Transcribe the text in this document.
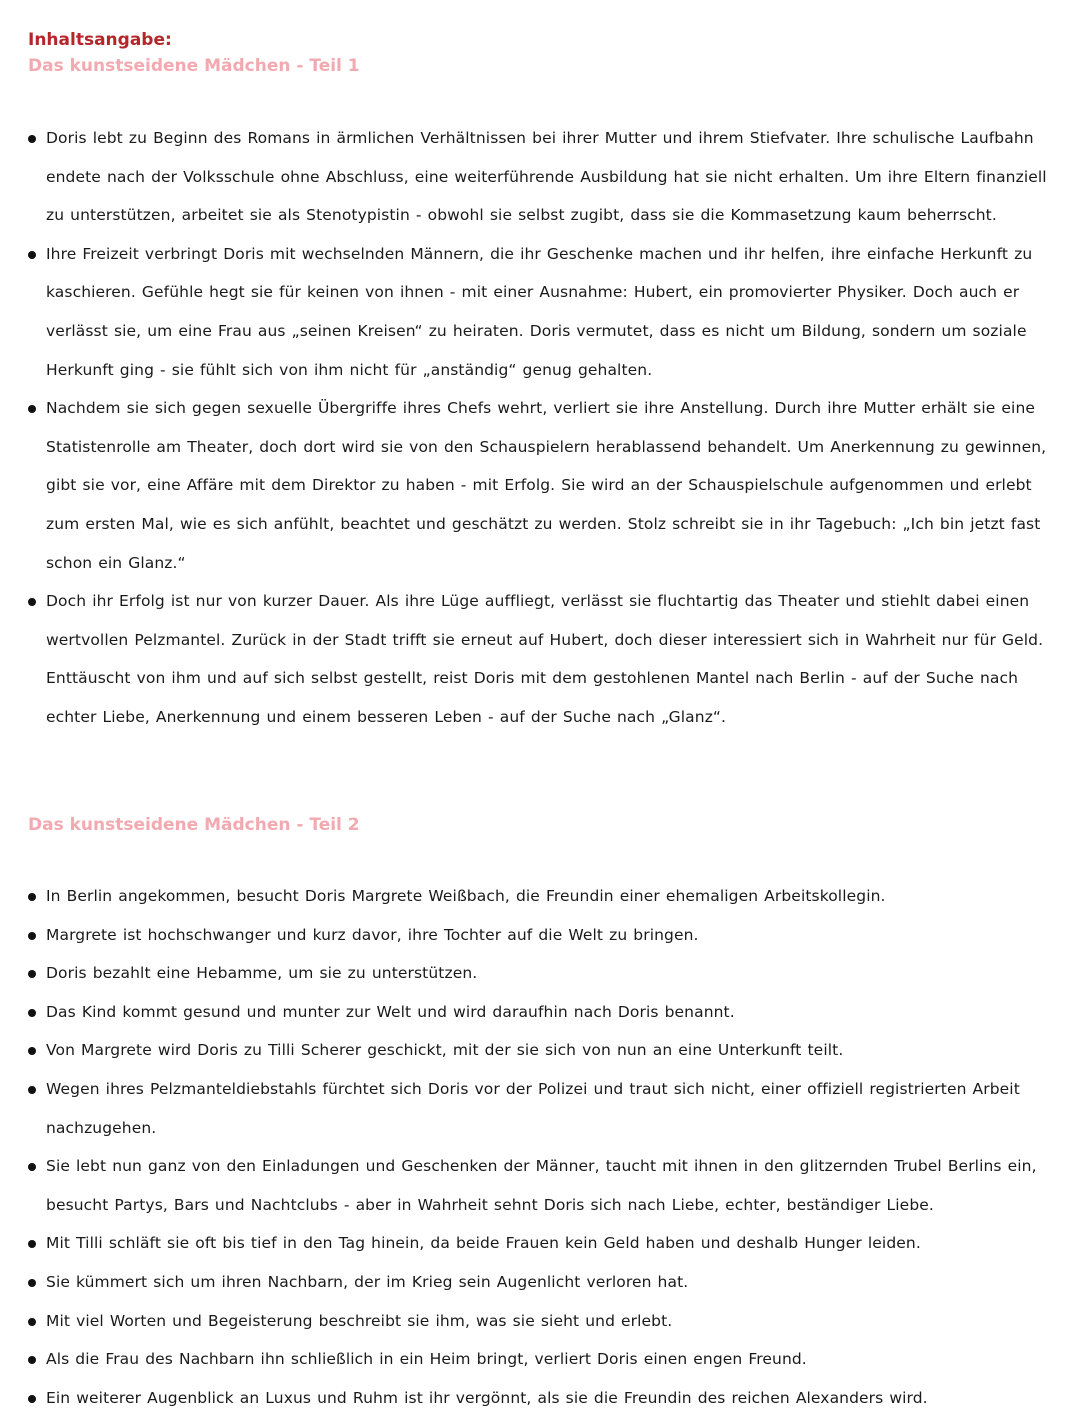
Inhaltsangabe:
Das kunstseidene Mädchen - Teil 1
Doris lebt zu Beginn des Romans in ärmlichen Verhältnissen bei ihrer Mutter und ihrem Stiefvater. Ihre schulische Laufbahn endete nach der Volksschule ohne Abschluss, eine weiterführende Ausbildung hat sie nicht erhalten. Um ihre Eltern finanziell zu unterstützen, arbeitet sie als Stenotypistin - obwohl sie selbst zugibt, dass sie die Kommasetzung kaum beherrscht.
Ihre Freizeit verbringt Doris mit wechselnden Männern, die ihr Geschenke machen und ihr helfen, ihre einfache Herkunft zu kaschieren. Gefühle hegt sie für keinen von ihnen - mit einer Ausnahme: Hubert, ein promovierter Physiker. Doch auch er verlässt sie, um eine Frau aus „seinen Kreisen“ zu heiraten. Doris vermutet, dass es nicht um Bildung, sondern um soziale Herkunft ging - sie fühlt sich von ihm nicht für „anständig“ genug gehalten.
Nachdem sie sich gegen sexuelle Übergriffe ihres Chefs wehrt, verliert sie ihre Anstellung. Durch ihre Mutter erhält sie eine Statistenrolle am Theater, doch dort wird sie von den Schauspielern herablassend behandelt. Um Anerkennung zu gewinnen, gibt sie vor, eine Affäre mit dem Direktor zu haben - mit Erfolg. Sie wird an der Schauspielschule aufgenommen und erlebt zum ersten Mal, wie es sich anfühlt, beachtet und geschätzt zu werden. Stolz schreibt sie in ihr Tagebuch: „Ich bin jetzt fast schon ein Glanz.“
Doch ihr Erfolg ist nur von kurzer Dauer. Als ihre Lüge auffliegt, verlässt sie fluchtartig das Theater und stiehlt dabei einen wertvollen Pelzmantel. Zurück in der Stadt trifft sie erneut auf Hubert, doch dieser interessiert sich in Wahrheit nur für Geld. Enttäuscht von ihm und auf sich selbst gestellt, reist Doris mit dem gestohlenen Mantel nach Berlin - auf der Suche nach echter Liebe, Anerkennung und einem besseren Leben - auf der Suche nach „Glanz“.
Das kunstseidene Mädchen - Teil 2
In Berlin angekommen, besucht Doris Margrete Weißbach, die Freundin einer ehemaligen Arbeitskollegin.
Margrete ist hochschwanger und kurz davor, ihre Tochter auf die Welt zu bringen.
Doris bezahlt eine Hebamme, um sie zu unterstützen.
Das Kind kommt gesund und munter zur Welt und wird daraufhin nach Doris benannt.
Von Margrete wird Doris zu Tilli Scherer geschickt, mit der sie sich von nun an eine Unterkunft teilt.
Wegen ihres Pelzmanteldiebstahls fürchtet sich Doris vor der Polizei und traut sich nicht, einer offiziell registrierten Arbeit nachzugehen.
Sie lebt nun ganz von den Einladungen und Geschenken der Männer, taucht mit ihnen in den glitzernden Trubel Berlins ein, besucht Partys, Bars und Nachtclubs - aber in Wahrheit sehnt Doris sich nach Liebe, echter, beständiger Liebe.
Mit Tilli schläft sie oft bis tief in den Tag hinein, da beide Frauen kein Geld haben und deshalb Hunger leiden.
Sie kümmert sich um ihren Nachbarn, der im Krieg sein Augenlicht verloren hat.
Mit viel Worten und Begeisterung beschreibt sie ihm, was sie sieht und erlebt.
Als die Frau des Nachbarn ihn schließlich in ein Heim bringt, verliert Doris einen engen Freund.
Ein weiterer Augenblick an Luxus und Ruhm ist ihr vergönnt, als sie die Freundin des reichen Alexanders wird.
